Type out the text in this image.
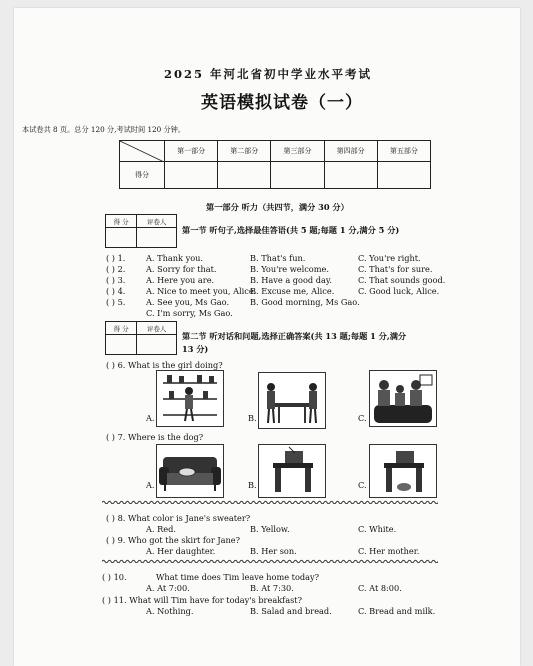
2025 年河北省初中学业水平考试
英语模拟试卷（一）
本试卷共 8 页。总分 120 分,考试时间 120 分钟。
	第一部分	第二部分	第三部分	第四部分	第五部分
得分					
第一部分 听力（共四节，满分 30 分）
得 分	评卷人

第一节 听句子,选择最佳答语(共 5 题;每题 1 分,满分 5 分)
( ) 1.	A. Thank you.	B. That's fun.	C. You're right.
( ) 2.	A. Sorry for that.	B. You're welcome.	C. That's for sure.
( ) 3.	A. Here you are.	B. Have a good day.	C. That sounds good.
( ) 4.	A. Nice to meet you, Alice.
B. Excuse me, Alice.	C. Good luck, Alice.
( ) 5.	A. See you, Ms Gao.	B. Good morning, Ms Gao.
C. I'm sorry, Ms Gao.
得 分	评卷人

第二节 听对话和问题,选择正确答案(共 13 题;每题 1 分,满分
13 分)
( ) 6. What is the girl doing?
A.	B.	C.
( ) 7. Where is the dog?
A.	B.	C.
( ) 8. What color is Jane's sweater?
A. Red.	B. Yellow.	C. White.
( ) 9. Who got the skirt for Jane?
A. Her daughter.	B. Her son.	C. Her mother.
( ) 10.	What time does Tim leave home today?
A. At 7:00.	B. At 7:30.	C. At 8:00.
( ) 11. What will Tim have for today's breakfast?
A. Nothing.	B. Salad and bread.	C. Bread and milk.
